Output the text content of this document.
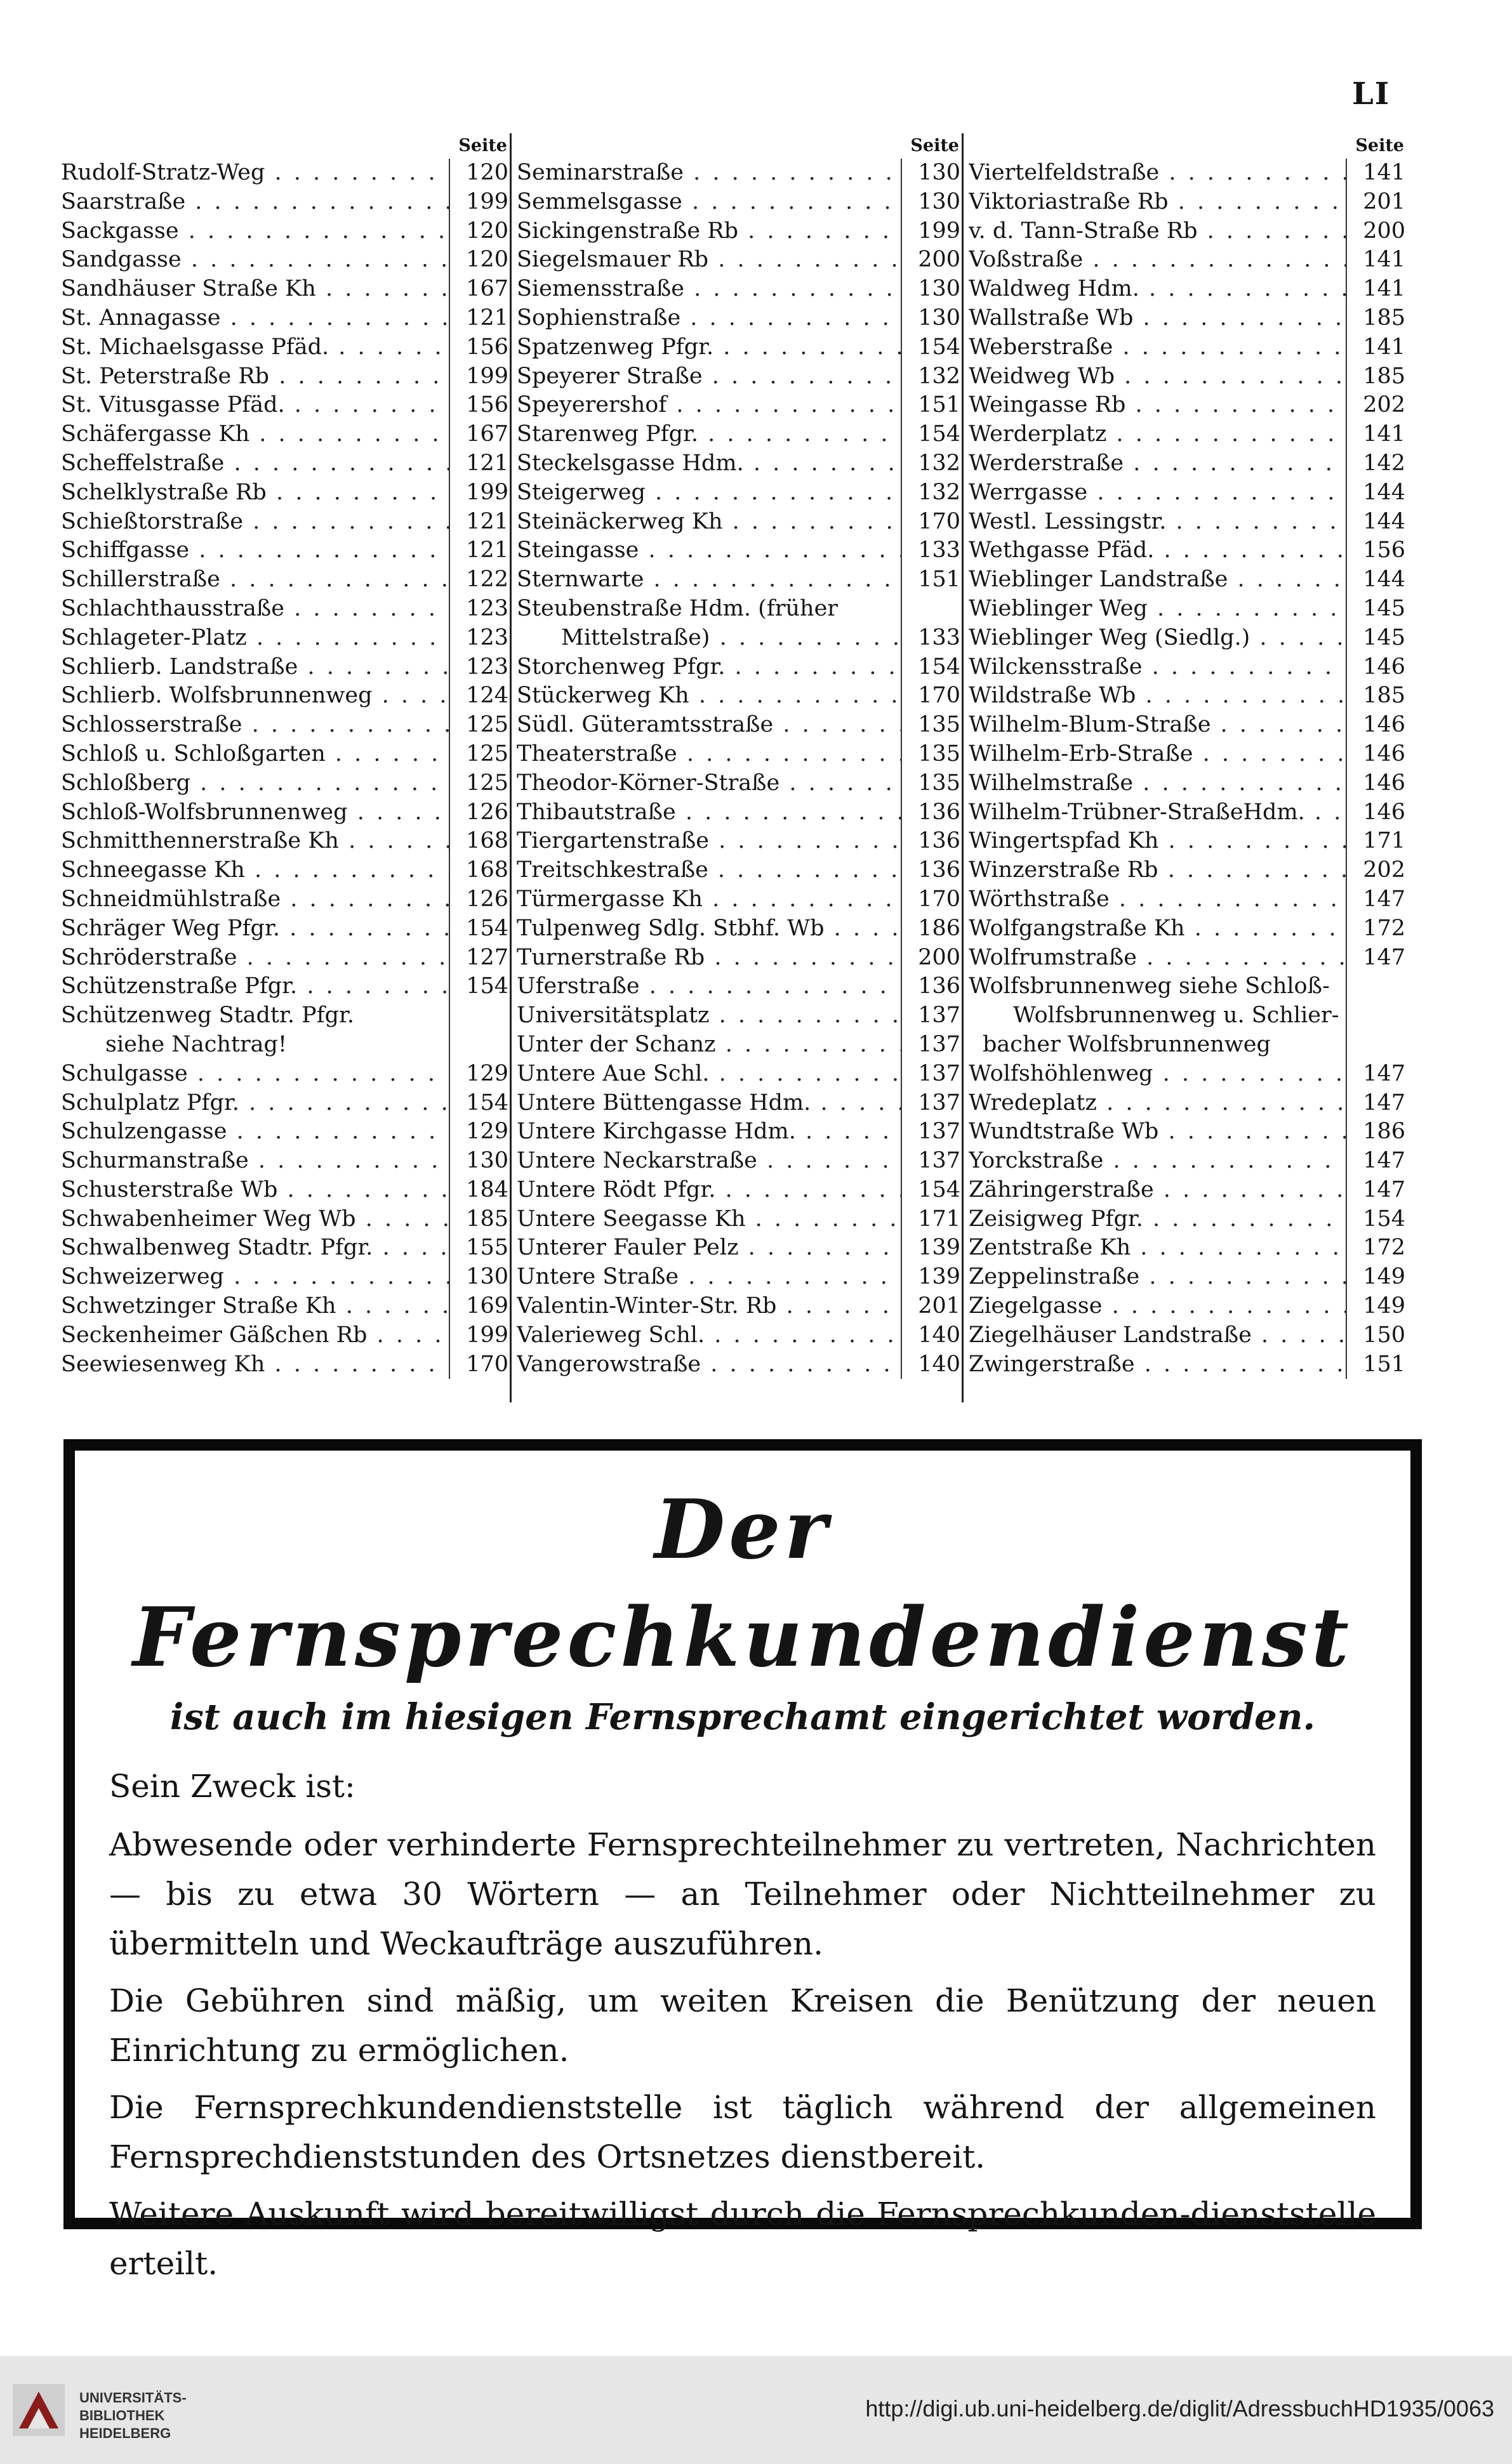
LI
Seite
Rudolf-Stratz-Weg . . .	120
Saarstraße . . .	199
Sackgasse . . .	120
Sandgasse . . .	120
Sandhäuser Straße Kh . . .	167
St. Annagasse . . .	121
St. Michaelsgasse Pfäd. . . .	156
St. Peterstraße Rb . . .	199
St. Vitusgasse Pfäd. . . .	156
Schäfergasse Kh . . .	167
Scheffelstraße . . .	121
Schelklystraße Rb . . .	199
Schießtorstraße . . .	121
Schiffgasse . . .	121
Schillerstraße . . .	122
Schlachthausstraße . . .	123
Schlageter-Platz . . .	123
Schlierb. Landstraße . . .	123
Schlierb. Wolfsbrunnenweg . . .	124
Schlosserstraße . . .	125
Schloß u. Schloßgarten . . .	125
Schloßberg . . .	125
Schloß-Wolfsbrunnenweg . . .	126
Schmitthennerstraße Kh . . .	168
Schneegasse Kh . . .	168
Schneidmühlstraße . . .	126
Schräger Weg Pfgr. . . .	154
Schröderstraße . . .	127
Schützenstraße Pfgr. . . .	154
Schützenweg Stadtr. Pfgr.
siehe Nachtrag!
Schulgasse . . .	129
Schulplatz Pfgr. . . .	154
Schulzengasse . . .	129
Schurmanstraße . . .	130
Schusterstraße Wb . . .	184
Schwabenheimer Weg Wb . . .	185
Schwalbenweg Stadtr. Pfgr. . . .	155
Schweizerweg . . .	130
Schwetzinger Straße Kh . . .	169
Seckenheimer Gäßchen Rb . . .	199
Seewiesenweg Kh . . .	170
Seite
Seminarstraße . . .	130
Semmelsgasse . . .	130
Sickingenstraße Rb . . .	199
Siegelsmauer Rb . . .	200
Siemensstraße . . .	130
Sophienstraße . . .	130
Spatzenweg Pfgr. . . .	154
Speyerer Straße . . .	132
Speyerershof . . .	151
Starenweg Pfgr. . . .	154
Steckelsgasse Hdm. . . .	132
Steigerweg . . .	132
Steinäckerweg Kh . . .	170
Steingasse . . .	133
Sternwarte . . .	151
Steubenstraße Hdm. (früher
Mittelstraße) . . .	133
Storchenweg Pfgr. . . .	154
Stückerweg Kh . . .	170
Südl. Güteramtsstraße . . .	135
Theaterstraße . . .	135
Theodor-Körner-Straße . . .	135
Thibautstraße . . .	136
Tiergartenstraße . . .	136
Treitschkestraße . . .	136
Türmergasse Kh . . .	170
Tulpenweg Sdlg. Stbhf. Wb . . .	186
Turnerstraße Rb . . .	200
Uferstraße . . .	136
Universitätsplatz . . .	137
Unter der Schanz . . .	137
Untere Aue Schl. . . .	137
Untere Büttengasse Hdm. . . .	137
Untere Kirchgasse Hdm. . . .	137
Untere Neckarstraße . . .	137
Untere Rödt Pfgr. . . .	154
Untere Seegasse Kh . . .	171
Unterer Fauler Pelz . . .	139
Untere Straße . . .	139
Valentin-Winter-Str. Rb . . .	201
Valerieweg Schl. . . .	140
Vangerowstraße . . .	140
Seite
Viertelfeldstraße . . .	141
Viktoriastraße Rb . . .	201
v. d. Tann-Straße Rb . . .	200
Voßstraße . . .	141
Waldweg Hdm. . . .	141
Wallstraße Wb . . .	185
Weberstraße . . .	141
Weidweg Wb . . .	185
Weingasse Rb . . .	202
Werderplatz . . .	141
Werderstraße . . .	142
Werrgasse . . .	144
Westl. Lessingstr. . . .	144
Wethgasse Pfäd. . . .	156
Wieblinger Landstraße . . .	144
Wieblinger Weg . . .	145
Wieblinger Weg (Siedlg.) . . .	145
Wilckensstraße . . .	146
Wildstraße Wb . . .	185
Wilhelm-Blum-Straße . . .	146
Wilhelm-Erb-Straße . . .	146
Wilhelmstraße . . .	146
Wilhelm-Trübner-StraßeHdm. . . .	146
Wingertspfad Kh . . .	171
Winzerstraße Rb . . .	202
Wörthstraße . . .	147
Wolfgangstraße Kh . . .	172
Wolfrumstraße . . .	147
Wolfsbrunnenweg siehe Schloß-
Wolfsbrunnenweg u. Schlier-
bacher Wolfsbrunnenweg
Wolfshöhlenweg . . .	147
Wredeplatz . . .	147
Wundtstraße Wb . . .	186
Yorckstraße . . .	147
Zähringerstraße . . .	147
Zeisigweg Pfgr. . . .	154
Zentstraße Kh . . .	172
Zeppelinstraße . . .	149
Ziegelgasse . . .	149
Ziegelhäuser Landstraße . . .	150
Zwingerstraße . . .	151
Der Fernsprechkundendienst
ist auch im hiesigen Fernsprechamt eingerichtet worden.
Sein Zweck ist:

Abwesende oder verhinderte Fernsprechteilnehmer zu vertreten, Nachrichten — bis zu etwa 30 Wörtern — an Teilnehmer oder Nichtteilnehmer zu übermitteln und Weckaufträge auszuführen.

Die Gebühren sind mäßig, um weiten Kreisen die Benützung der neuen Einrichtung zu ermöglichen.

Die Fernsprechkundendienststelle ist täglich während der allgemeinen Fernsprechdienststunden des Ortsnetzes dienstbereit.

Weitere Auskunft wird bereitwilligst durch die Fernsprechkunden-dienststelle erteilt.

UNIVERSITÄTS-
BIBLIOTHEK
HEIDELBERG
http://digi.ub.uni-heidelberg.de/diglit/AdressbuchHD1935/0063
